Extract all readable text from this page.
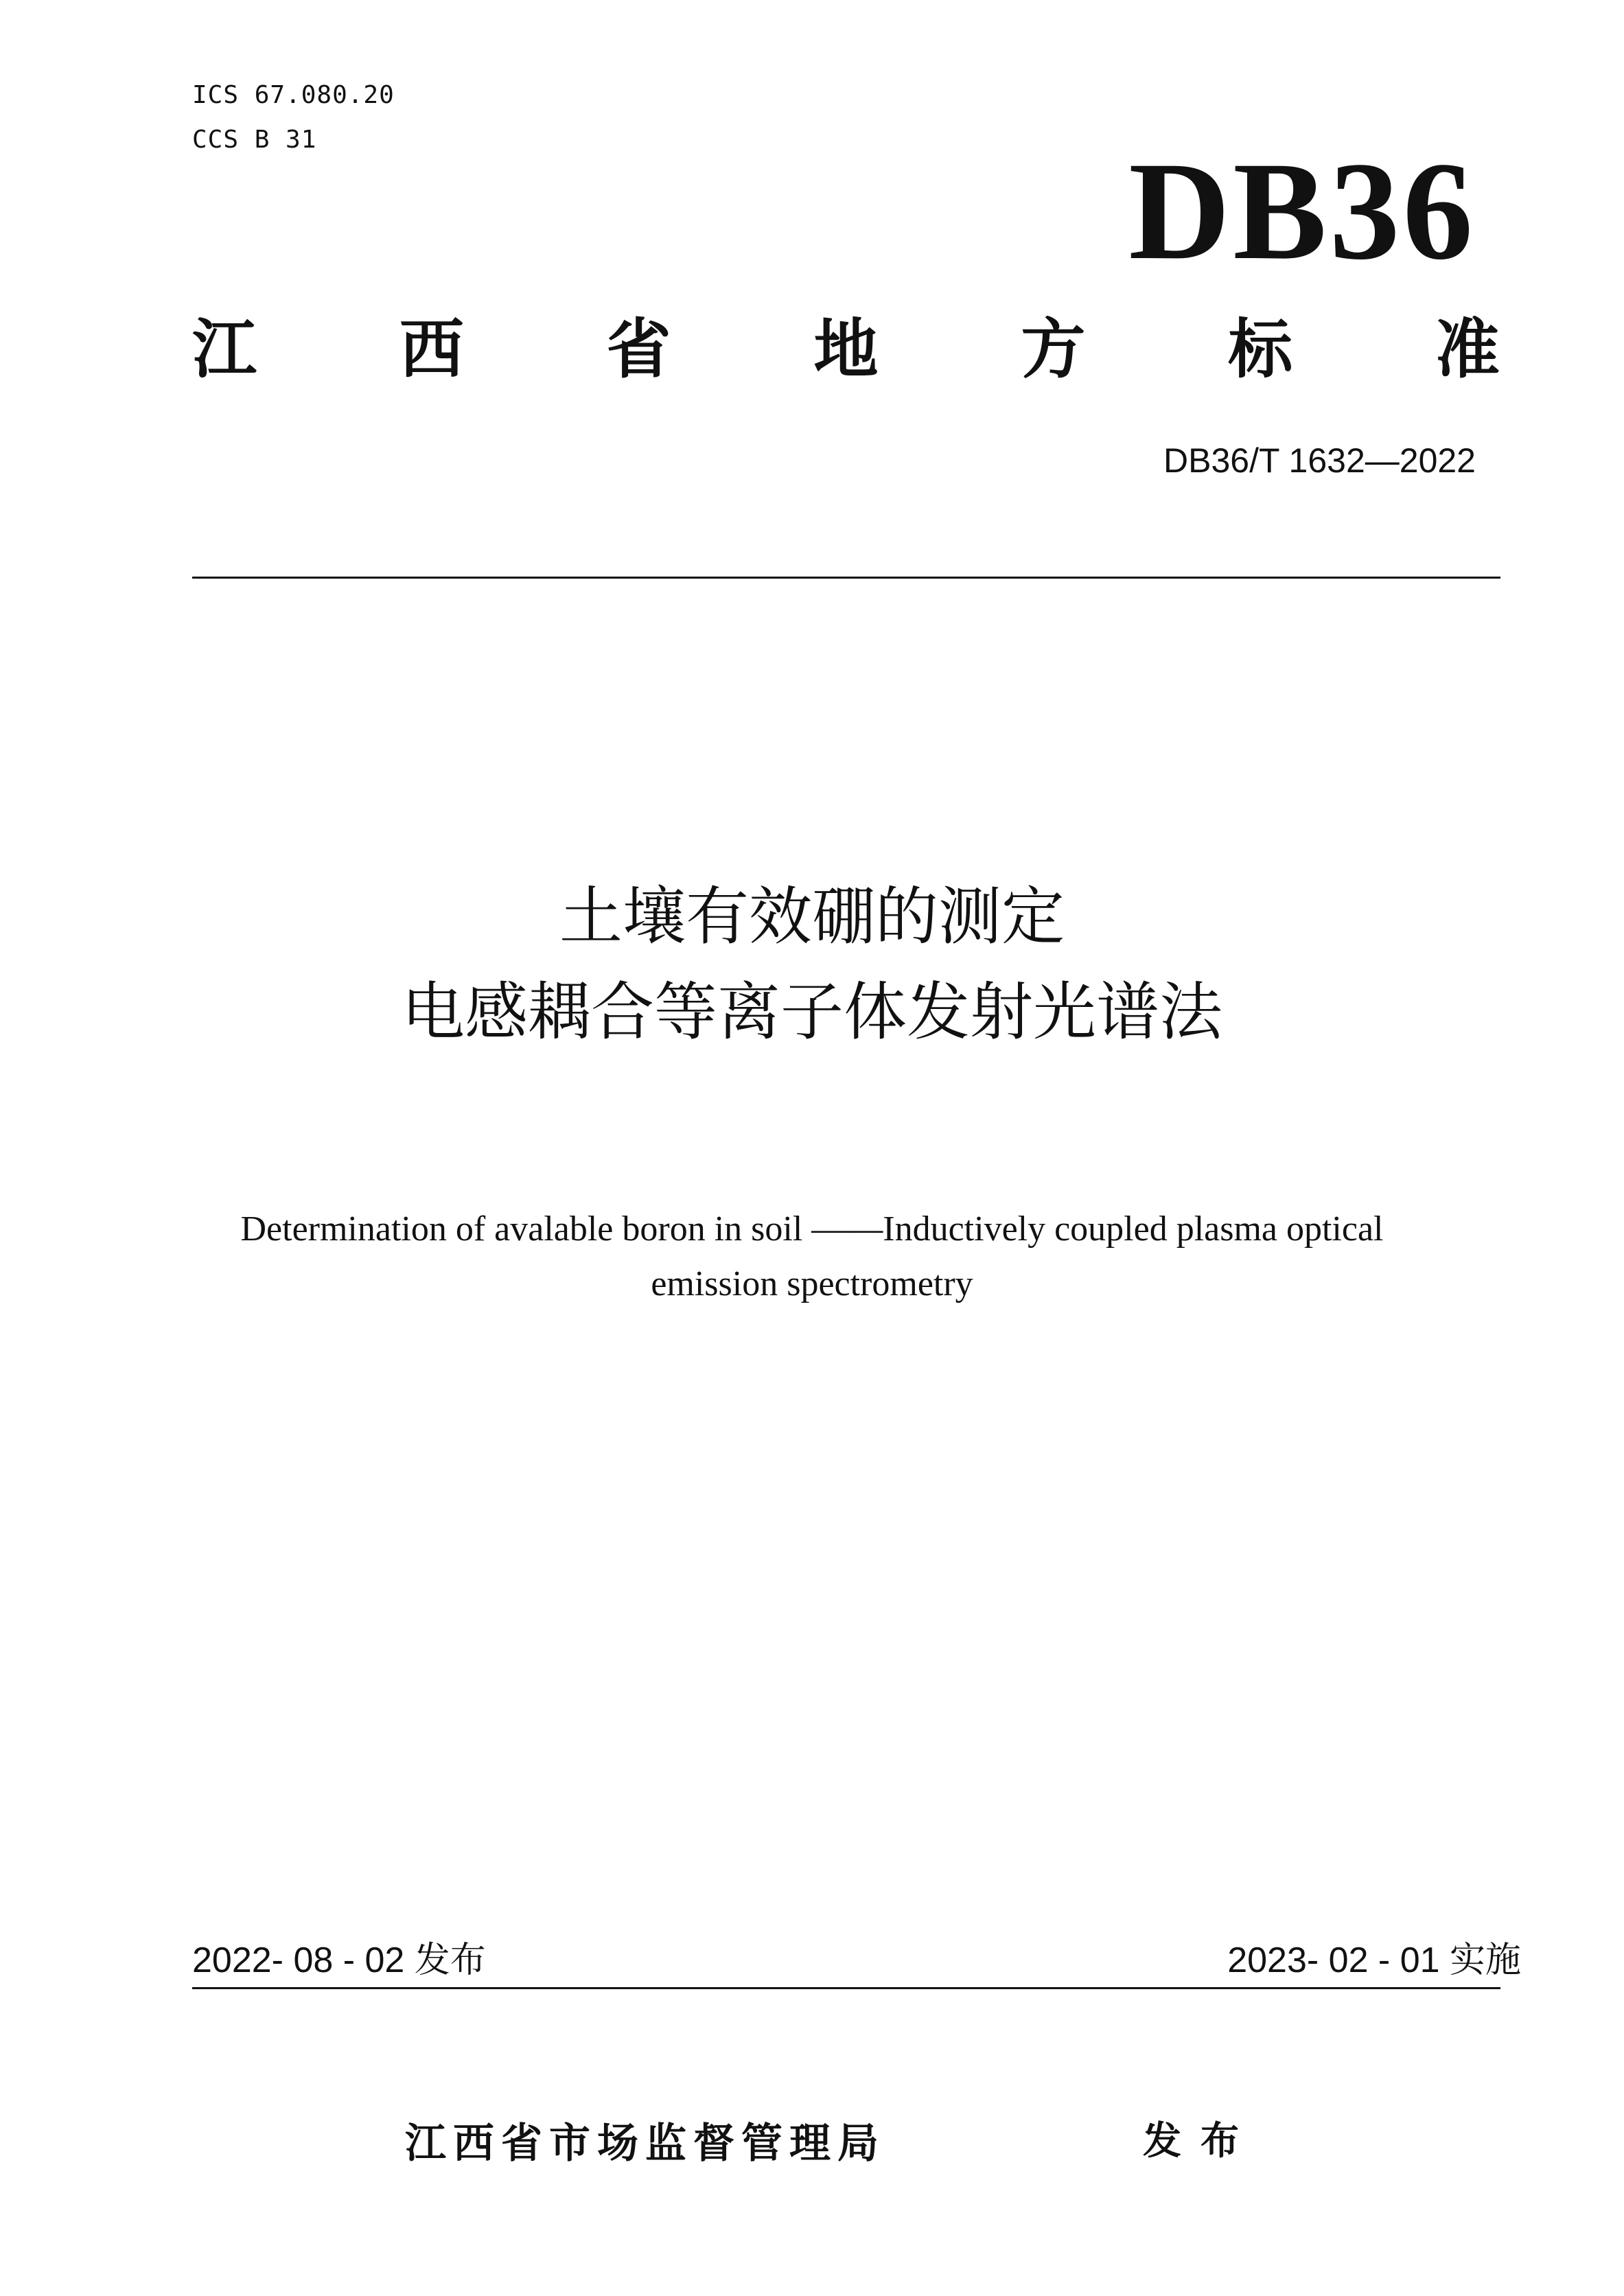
ICS 67.080.20
CCS B 31	DB36
江 西 省 地 方 标 准
DB36/T 1632—2022
土壤有效硼的测定
电感耦合等离子体发射光谱法
Determination of avalable boron in soil ——Inductively coupled plasma optical
emission spectrometry
2022- 08 - 02 发布	2023- 02 - 01 实施
江西省市场监督管理局	发布
